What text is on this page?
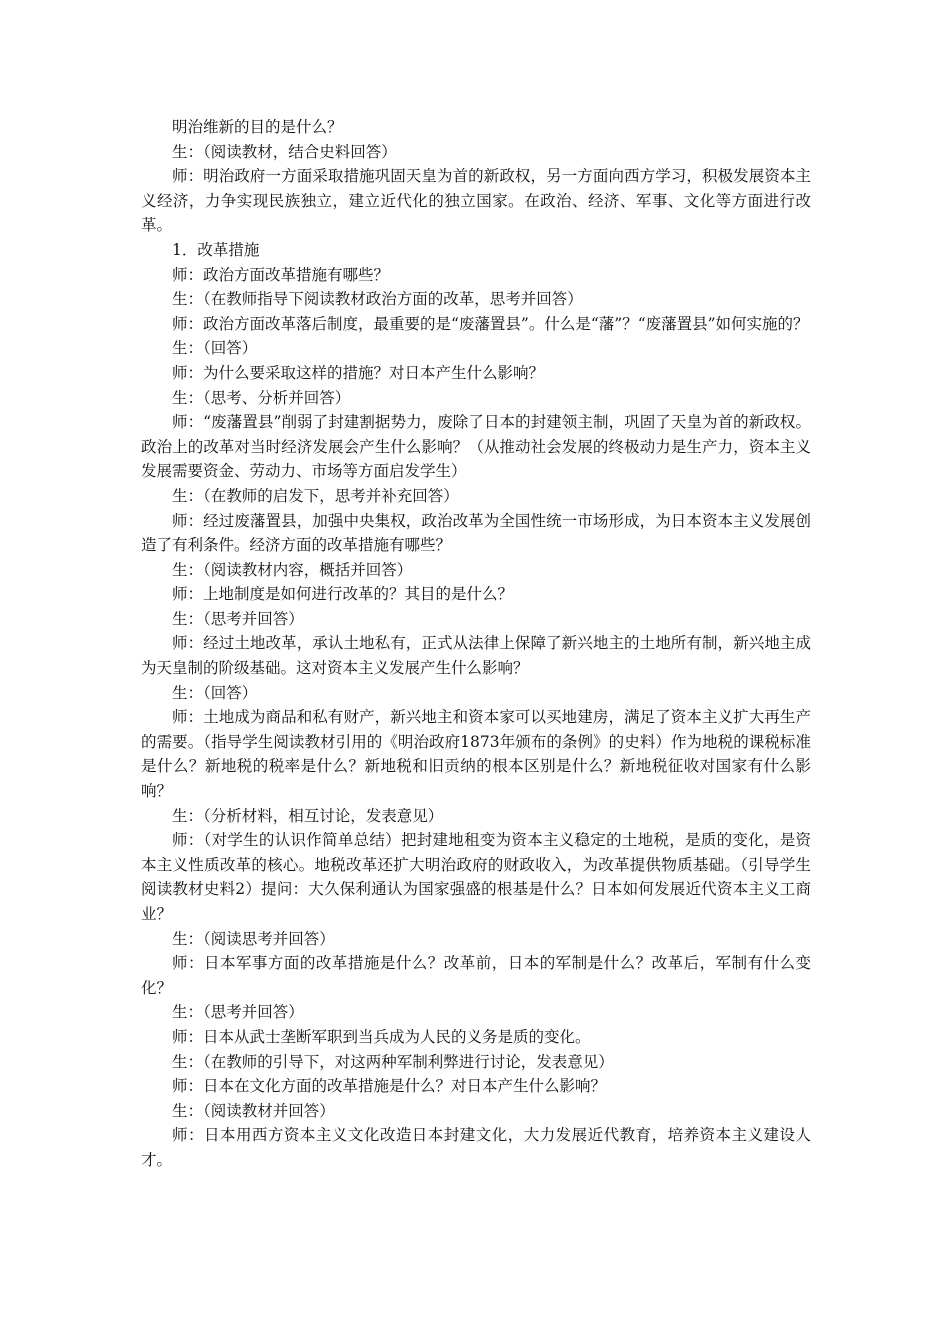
明治维新的目的是什么？

生：（阅读教材，结合史料回答）

师：明治政府一方面采取措施巩固天皇为首的新政权，另一方面向西方学习，积极发展资本主义经济，力争实现民族独立，建立近代化的独立国家。在政治、经济、军事、文化等方面进行改革。

1．改革措施

师：政治方面改革措施有哪些？

生：（在教师指导下阅读教材政治方面的改革，思考并回答）

师：政治方面改革落后制度，最重要的是“废藩置县”。什么是“藩”？“废藩置县”如何实施的？

生：（回答）

师：为什么要采取这样的措施？对日本产生什么影响？

生：（思考、分析并回答）

师：“废藩置县”削弱了封建割据势力，废除了日本的封建领主制，巩固了天皇为首的新政权。政治上的改革对当时经济发展会产生什么影响？（从推动社会发展的终极动力是生产力，资本主义发展需要资金、劳动力、市场等方面启发学生）

生：（在教师的启发下，思考并补充回答）

师：经过废藩置县，加强中央集权，政治改革为全国性统一市场形成，为日本资本主义发展创造了有利条件。经济方面的改革措施有哪些？

生：（阅读教材内容，概括并回答）

师：上地制度是如何进行改革的？其目的是什么？

生：（思考并回答）

师：经过土地改革，承认土地私有，正式从法律上保障了新兴地主的土地所有制，新兴地主成为天皇制的阶级基础。这对资本主义发展产生什么影响？

生：（回答）

师：土地成为商品和私有财产，新兴地主和资本家可以买地建房，满足了资本主义扩大再生产的需要。（指导学生阅读教材引用的《明治政府1873年颁布的条例》的史料）作为地税的课税标准是什么？新地税的税率是什么？新地税和旧贡纳的根本区别是什么？新地税征收对国家有什么影响？

生：（分析材料，相互讨论，发表意见）

师：（对学生的认识作简单总结）把封建地租变为资本主义稳定的土地税，是质的变化，是资本主义性质改革的核心。地税改革还扩大明治政府的财政收入，为改革提供物质基础。（引导学生阅读教材史料2）提问：大久保利通认为国家强盛的根基是什么？日本如何发展近代资本主义工商业？

生：（阅读思考并回答）

师：日本军事方面的改革措施是什么？改革前，日本的军制是什么？改革后，军制有什么变化？

生：（思考并回答）

师：日本从武士垄断军职到当兵成为人民的义务是质的变化。

生：（在教师的引导下，对这两种军制利弊进行讨论，发表意见）

师：日本在文化方面的改革措施是什么？对日本产生什么影响？

生：（阅读教材并回答）

师：日本用西方资本主义文化改造日本封建文化，大力发展近代教育，培养资本主义建设人才。
